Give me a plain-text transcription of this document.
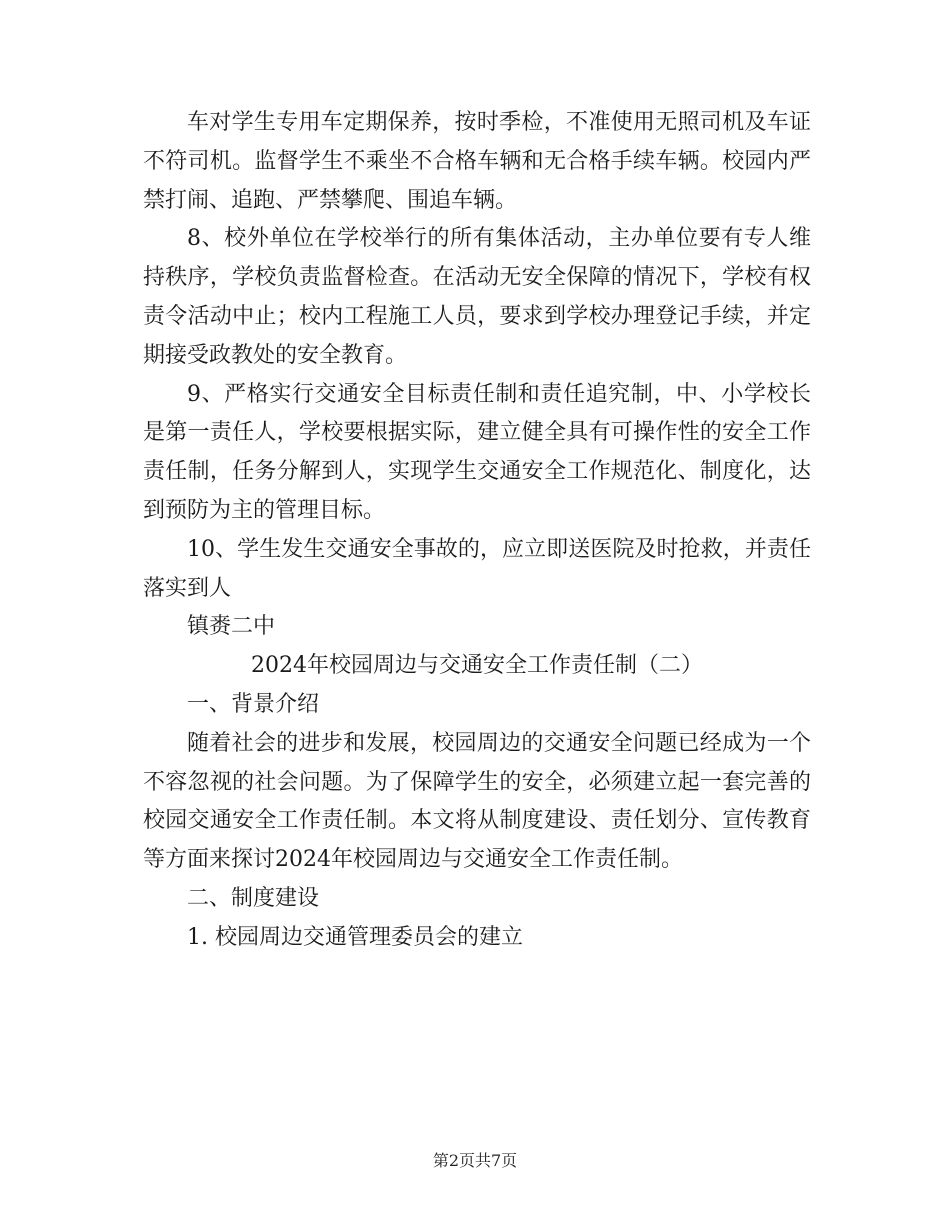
车对学生专用车定期保养，按时季检，不准使用无照司机及车证不符司机。监督学生不乘坐不合格车辆和无合格手续车辆。校园内严禁打闹、追跑、严禁攀爬、围追车辆。

8、校外单位在学校举行的所有集体活动，主办单位要有专人维持秩序，学校负责监督检查。在活动无安全保障的情况下，学校有权责令活动中止；校内工程施工人员，要求到学校办理登记手续，并定期接受政教处的安全教育。

9、严格实行交通安全目标责任制和责任追究制，中、小学校长是第一责任人，学校要根据实际，建立健全具有可操作性的安全工作责任制，任务分解到人，实现学生交通安全工作规范化、制度化，达到预防为主的管理目标。

10、学生发生交通安全事故的，应立即送医院及时抢救，并责任落实到人

镇赉二中

2024年校园周边与交通安全工作责任制（二）

一、背景介绍

随着社会的进步和发展，校园周边的交通安全问题已经成为一个不容忽视的社会问题。为了保障学生的安全，必须建立起一套完善的校园交通安全工作责任制。本文将从制度建设、责任划分、宣传教育等方面来探讨2024年校园周边与交通安全工作责任制。

二、制度建设

1. 校园周边交通管理委员会的建立

第2页共7页
